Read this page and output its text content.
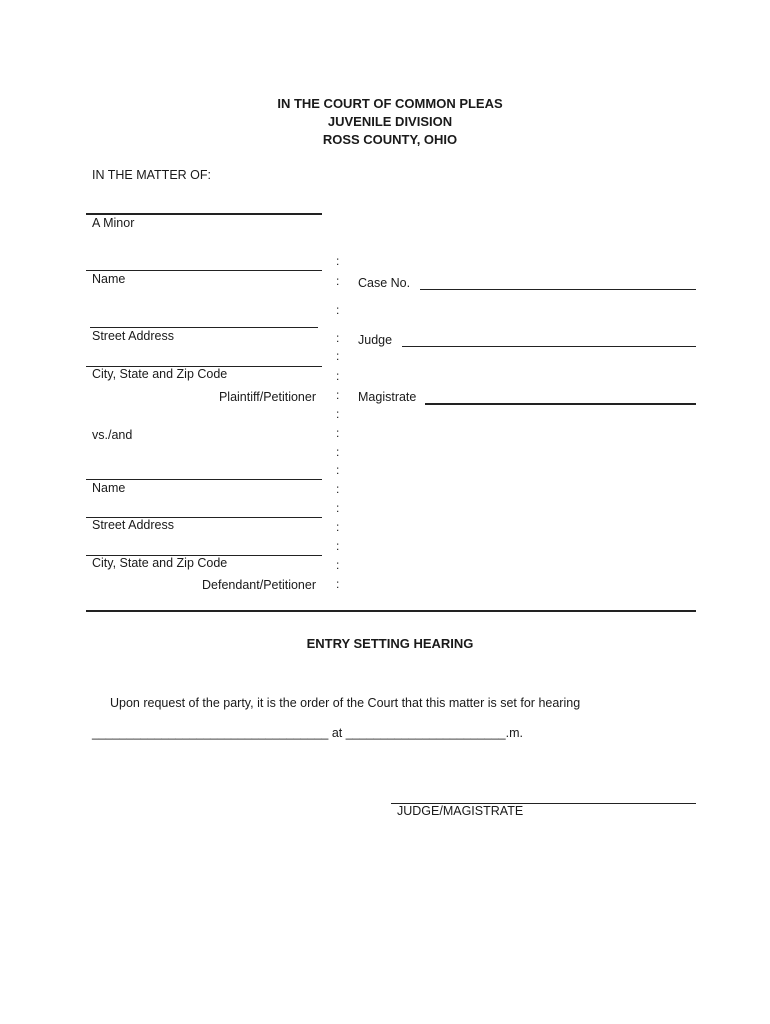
IN THE COURT OF COMMON PLEAS
JUVENILE DIVISION
ROSS COUNTY, OHIO
IN THE MATTER OF:
A Minor
Name
Street Address
City, State and Zip Code
Plaintiff/Petitioner
vs./and
Name
Street Address
City, State and Zip Code
Defendant/Petitioner
:
:
:
:
:
:
:
:
:
:
:
:
:
:
:
:
:
Case No.
Judge
Magistrate
ENTRY SETTING HEARING
Upon request of the party, it is the order of the Court that this matter is set for hearing
__________________________________ at _______________________.m.
JUDGE/MAGISTRATE
